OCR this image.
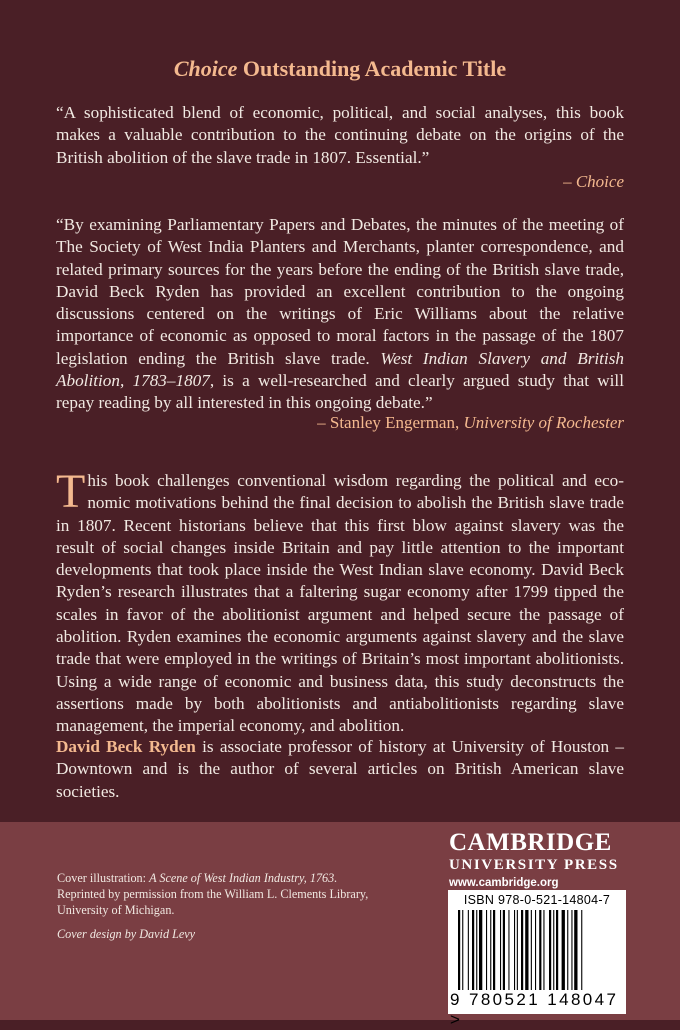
Choice Outstanding Academic Title
“A sophisticated blend of economic, political, and social analyses, this book makes a valuable contribution to the continuing debate on the origins of the British abolition of the slave trade in 1807. Essential.”
– Choice
“By examining Parliamentary Papers and Debates, the minutes of the meeting of The Society of West India Planters and Merchants, planter correspondence, and related primary sources for the years before the ending of the British slave trade, David Beck Ryden has provided an excellent contribution to the ongoing discussions centered on the writings of Eric Williams about the relative importance of economic as opposed to moral factors in the passage of the 1807 legislation ending the British slave trade. West Indian Slavery and British Abolition, 1783–1807, is a well-researched and clearly argued study that will repay reading by all interested in this ongoing debate.”
– Stanley Engerman, University of Rochester
This book challenges conventional wisdom regarding the political and economic motivations behind the final decision to abolish the British slave trade in 1807. Recent historians believe that this first blow against slavery was the result of social changes inside Britain and pay little attention to the important developments that took place inside the West Indian slave economy. David Beck Ryden’s research illustrates that a faltering sugar economy after 1799 tipped the scales in favor of the abolitionist argument and helped secure the passage of abolition. Ryden examines the economic arguments against slavery and the slave trade that were employed in the writings of Britain’s most important abolitionists. Using a wide range of economic and business data, this study deconstructs the assertions made by both abolitionists and antiabolitionists regarding slave management, the imperial economy, and abolition.
David Beck Ryden is associate professor of history at University of Houston – Downtown and is the author of several articles on British American slave societies.
Cover illustration: A Scene of West Indian Industry, 1763.
Reprinted by permission from the William L. Clements Library, University of Michigan.
Cover design by David Levy
CAMBRIDGE
UNIVERSITY PRESS
www.cambridge.org
ISBN 978-0-521-14804-7
9 780521 148047 >
